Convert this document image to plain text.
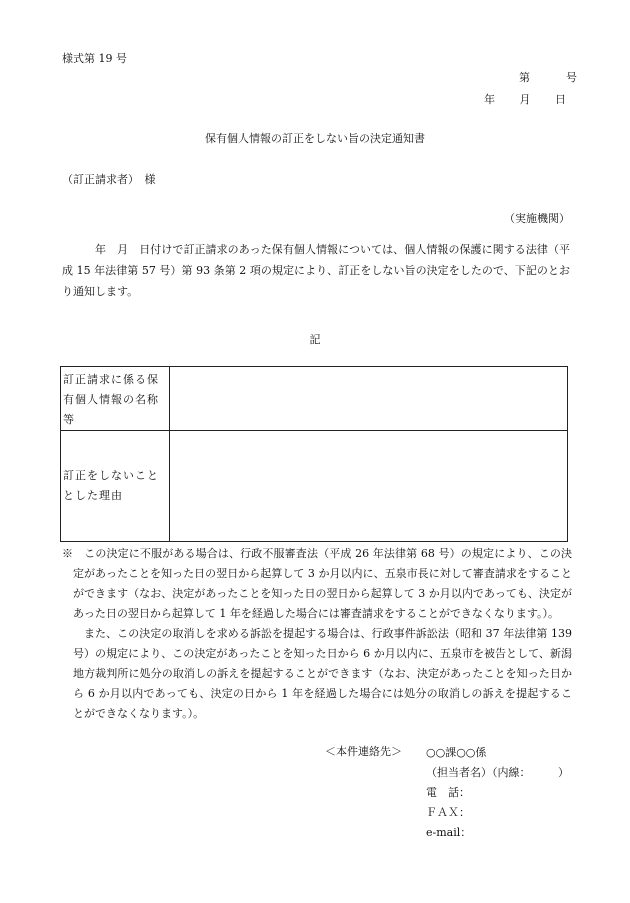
様式第 19 号
第	号
年 月 日
保有個人情報の訂正をしない旨の決定通知書
（訂正請求者）　様
（実施機関）
年　月　日付けで訂正請求のあった保有個人情報については、個人情報の保護に関する法律（平成 15 年法律第 57 号）第 93 条第 2 項の規定により、訂正をしない旨の決定をしたので、下記のとおり通知します。
記
訂正請求に係る保有個人情報の名称等	

訂正をしないこととした理由	

※　この決定に不服がある場合は、行政不服審査法（平成 26 年法律第 68 号）の規定により、この決定があったことを知った日の翌日から起算して 3 か月以内に、五泉市長に対して審査請求をすることができます（なお、決定があったことを知った日の翌日から起算して 3 か月以内であっても、決定があった日の翌日から起算して 1 年を経過した場合には審査請求をすることができなくなります。）。
また、この決定の取消しを求める訴訟を提起する場合は、行政事件訴訟法（昭和 37 年法律第 139 号）の規定により、この決定があったことを知った日から 6 か月以内に、五泉市を被告として、新潟地方裁判所に処分の取消しの訴えを提起することができます（なお、決定があったことを知った日から 6 か月以内であっても、決定の日から 1 年を経過した場合には処分の取消しの訴えを提起することができなくなります。）。
＜本件連絡先＞ ○○課○○係
（担当者名）（内線：　　　）
電　話：
ＦＡＸ：
e-mail：
